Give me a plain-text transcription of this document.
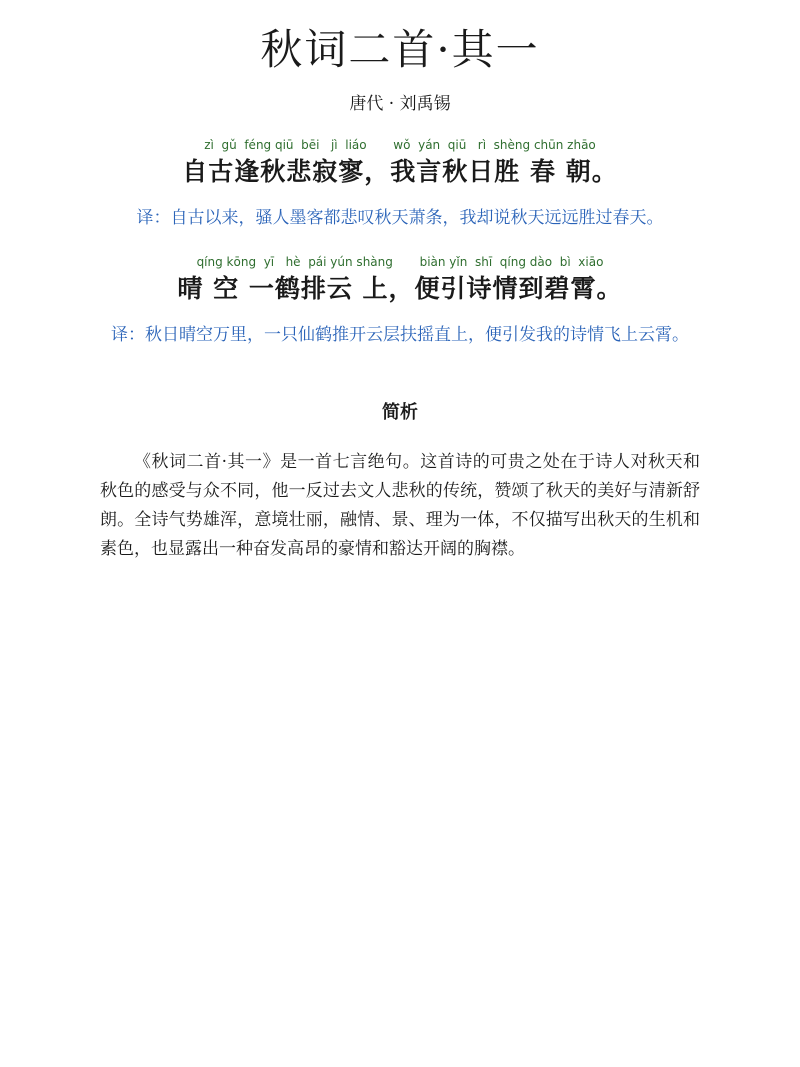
秋词二首·其一
唐代 · 刘禹锡
zì  gǔ  féng qiū  bēi   jì  liáo       wǒ  yán  qiū   rì  shèng chūn zhāo
自古逢秋悲寂寥，我言秋日胜 春 朝。
译：自古以来，骚人墨客都悲叹秋天萧条，我却说秋天远远胜过春天。
qíng kōng  yī   hè  pái yún shàng       biàn yǐn  shī  qíng dào  bì  xiāo
晴 空 一鹤排云 上，便引诗情到碧霄。
译：秋日晴空万里，一只仙鹤推开云层扶摇直上，便引发我的诗情飞上云霄。
简析
《秋词二首·其一》是一首七言绝句。这首诗的可贵之处在于诗人对秋天和秋色的感受与众不同，他一反过去文人悲秋的传统，赞颂了秋天的美好与清新舒朗。全诗气势雄浑，意境壮丽，融情、景、理为一体，不仅描写出秋天的生机和素色，也显露出一种奋发高昂的豪情和豁达开阔的胸襟。
